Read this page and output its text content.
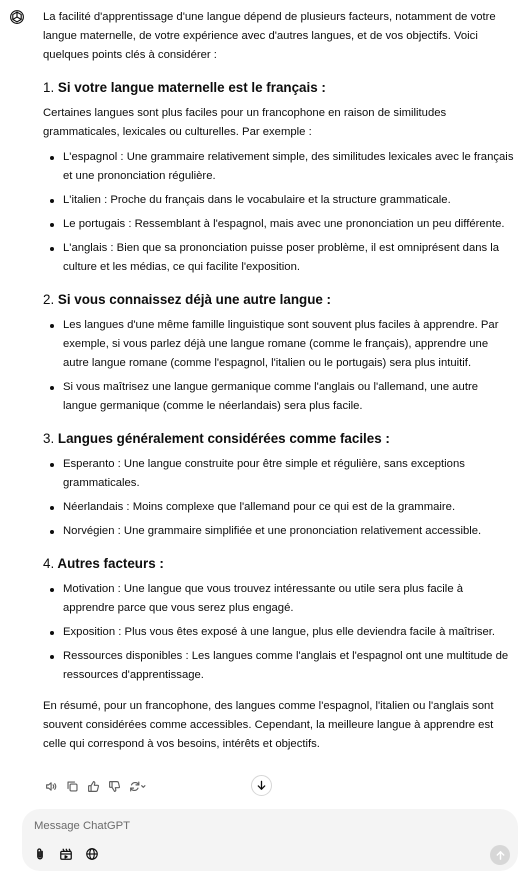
La facilité d'apprentissage d'une langue dépend de plusieurs facteurs, notamment de votre langue maternelle, de votre expérience avec d'autres langues, et de vos objectifs. Voici quelques points clés à considérer :

1. Si votre langue maternelle est le français :

Certaines langues sont plus faciles pour un francophone en raison de similitudes grammaticales, lexicales ou culturelles. Par exemple :

L'espagnol : Une grammaire relativement simple, des similitudes lexicales avec le français et une prononciation régulière.
L'italien : Proche du français dans le vocabulaire et la structure grammaticale.
Le portugais : Ressemblant à l'espagnol, mais avec une prononciation un peu différente.
L'anglais : Bien que sa prononciation puisse poser problème, il est omniprésent dans la culture et les médias, ce qui facilite l'exposition.
2. Si vous connaissez déjà une autre langue :
Les langues d'une même famille linguistique sont souvent plus faciles à apprendre. Par exemple, si vous parlez déjà une langue romane (comme le français), apprendre une autre langue romane (comme l'espagnol, l'italien ou le portugais) sera plus intuitif.
Si vous maîtrisez une langue germanique comme l'anglais ou l'allemand, une autre langue germanique (comme le néerlandais) sera plus facile.
3. Langues généralement considérées comme faciles :
Esperanto : Une langue construite pour être simple et régulière, sans exceptions grammaticales.
Néerlandais : Moins complexe que l'allemand pour ce qui est de la grammaire.
Norvégien : Une grammaire simplifiée et une prononciation relativement accessible.
4. Autres facteurs :
Motivation : Une langue que vous trouvez intéressante ou utile sera plus facile à apprendre parce que vous serez plus engagé.
Exposition : Plus vous êtes exposé à une langue, plus elle deviendra facile à maîtriser.
Ressources disponibles : Les langues comme l'anglais et l'espagnol ont une multitude de ressources d'apprentissage.

En résumé, pour un francophone, des langues comme l'espagnol, l'italien ou l'anglais sont souvent considérées comme accessibles. Cependant, la meilleure langue à apprendre est celle qui correspond à vos besoins, intérêts et objectifs.

Message ChatGPT
